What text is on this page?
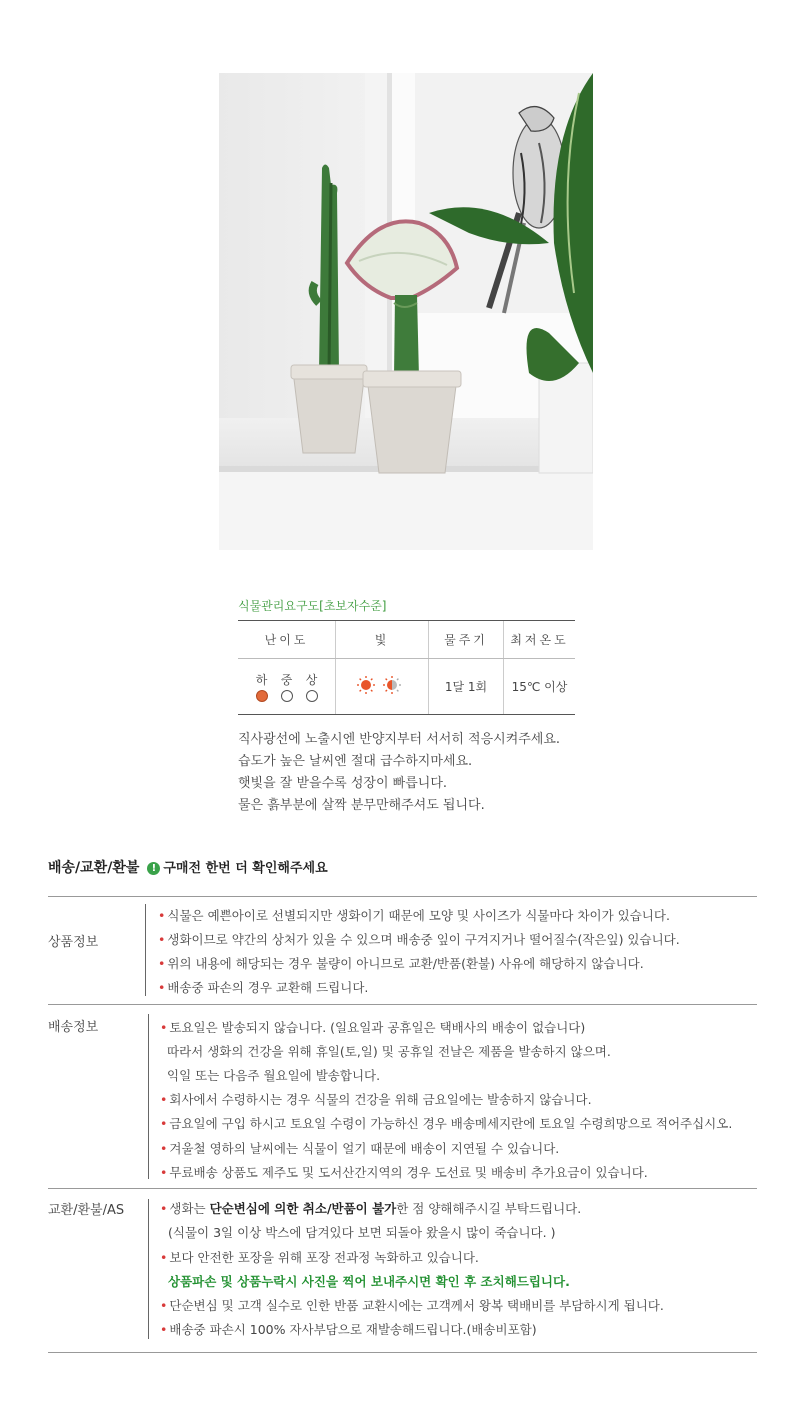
식물관리요구도[초보자수준]
난이도	빛	물주기	최저온도

하 중 상		1달 1회	15℃ 이상
직사광선에 노출시엔 반양지부터 서서히 적응시켜주세요.
습도가 높은 날씨엔 절대 급수하지마세요.
햇빛을 잘 받을수록 성장이 빠릅니다.
물은 흙부분에 살짝 분무만해주셔도 됩니다.
배송/교환/환불 ! 구매전 한번 더 확인해주세요
상품정보
• 식물은 예쁜아이로 선별되지만 생화이기 때문에 모양 및 사이즈가 식물마다 차이가 있습니다.
• 생화이므로 약간의 상처가 있을 수 있으며 배송중 잎이 구겨지거나 떨어질수(작은잎) 있습니다.
• 위의 내용에 해당되는 경우 불량이 아니므로 교환/반품(환불) 사유에 해당하지 않습니다.
• 배송중 파손의 경우 교환해 드립니다.
배송정보	• 토요일은 발송되지 않습니다. (일요일과 공휴일은 택배사의 배송이 없습니다)
따라서 생화의 건강을 위해 휴일(토,일) 및 공휴일 전날은 제품을 발송하지 않으며.
익일 또는 다음주 월요일에 발송합니다.
• 회사에서 수령하시는 경우 식물의 건강을 위해 금요일에는 발송하지 않습니다.
• 금요일에 구입 하시고 토요일 수령이 가능하신 경우 배송메세지란에 토요일 수령희망으로 적어주십시오.
• 겨울철 영하의 날씨에는 식물이 얼기 때문에 배송이 지연될 수 있습니다.
• 무료배송 상품도 제주도 및 도서산간지역의 경우 도선료 및 배송비 추가요금이 있습니다.
교환/환불/AS	• 생화는 단순변심에 의한 취소/반품이 불가한 점 양해해주시길 부탁드립니다.
(식물이 3일 이상 박스에 담겨있다 보면 되돌아 왔을시 많이 죽습니다. )
• 보다 안전한 포장을 위해 포장 전과정 녹화하고 있습니다.
상품파손 및 상품누락시 사진을 찍어 보내주시면 확인 후 조치해드립니다.
• 단순변심 및 고객 실수로 인한 반품 교환시에는 고객께서 왕복 택배비를 부담하시게 됩니다.
• 배송중 파손시 100% 자사부담으로 재발송해드립니다.(배송비포함)
